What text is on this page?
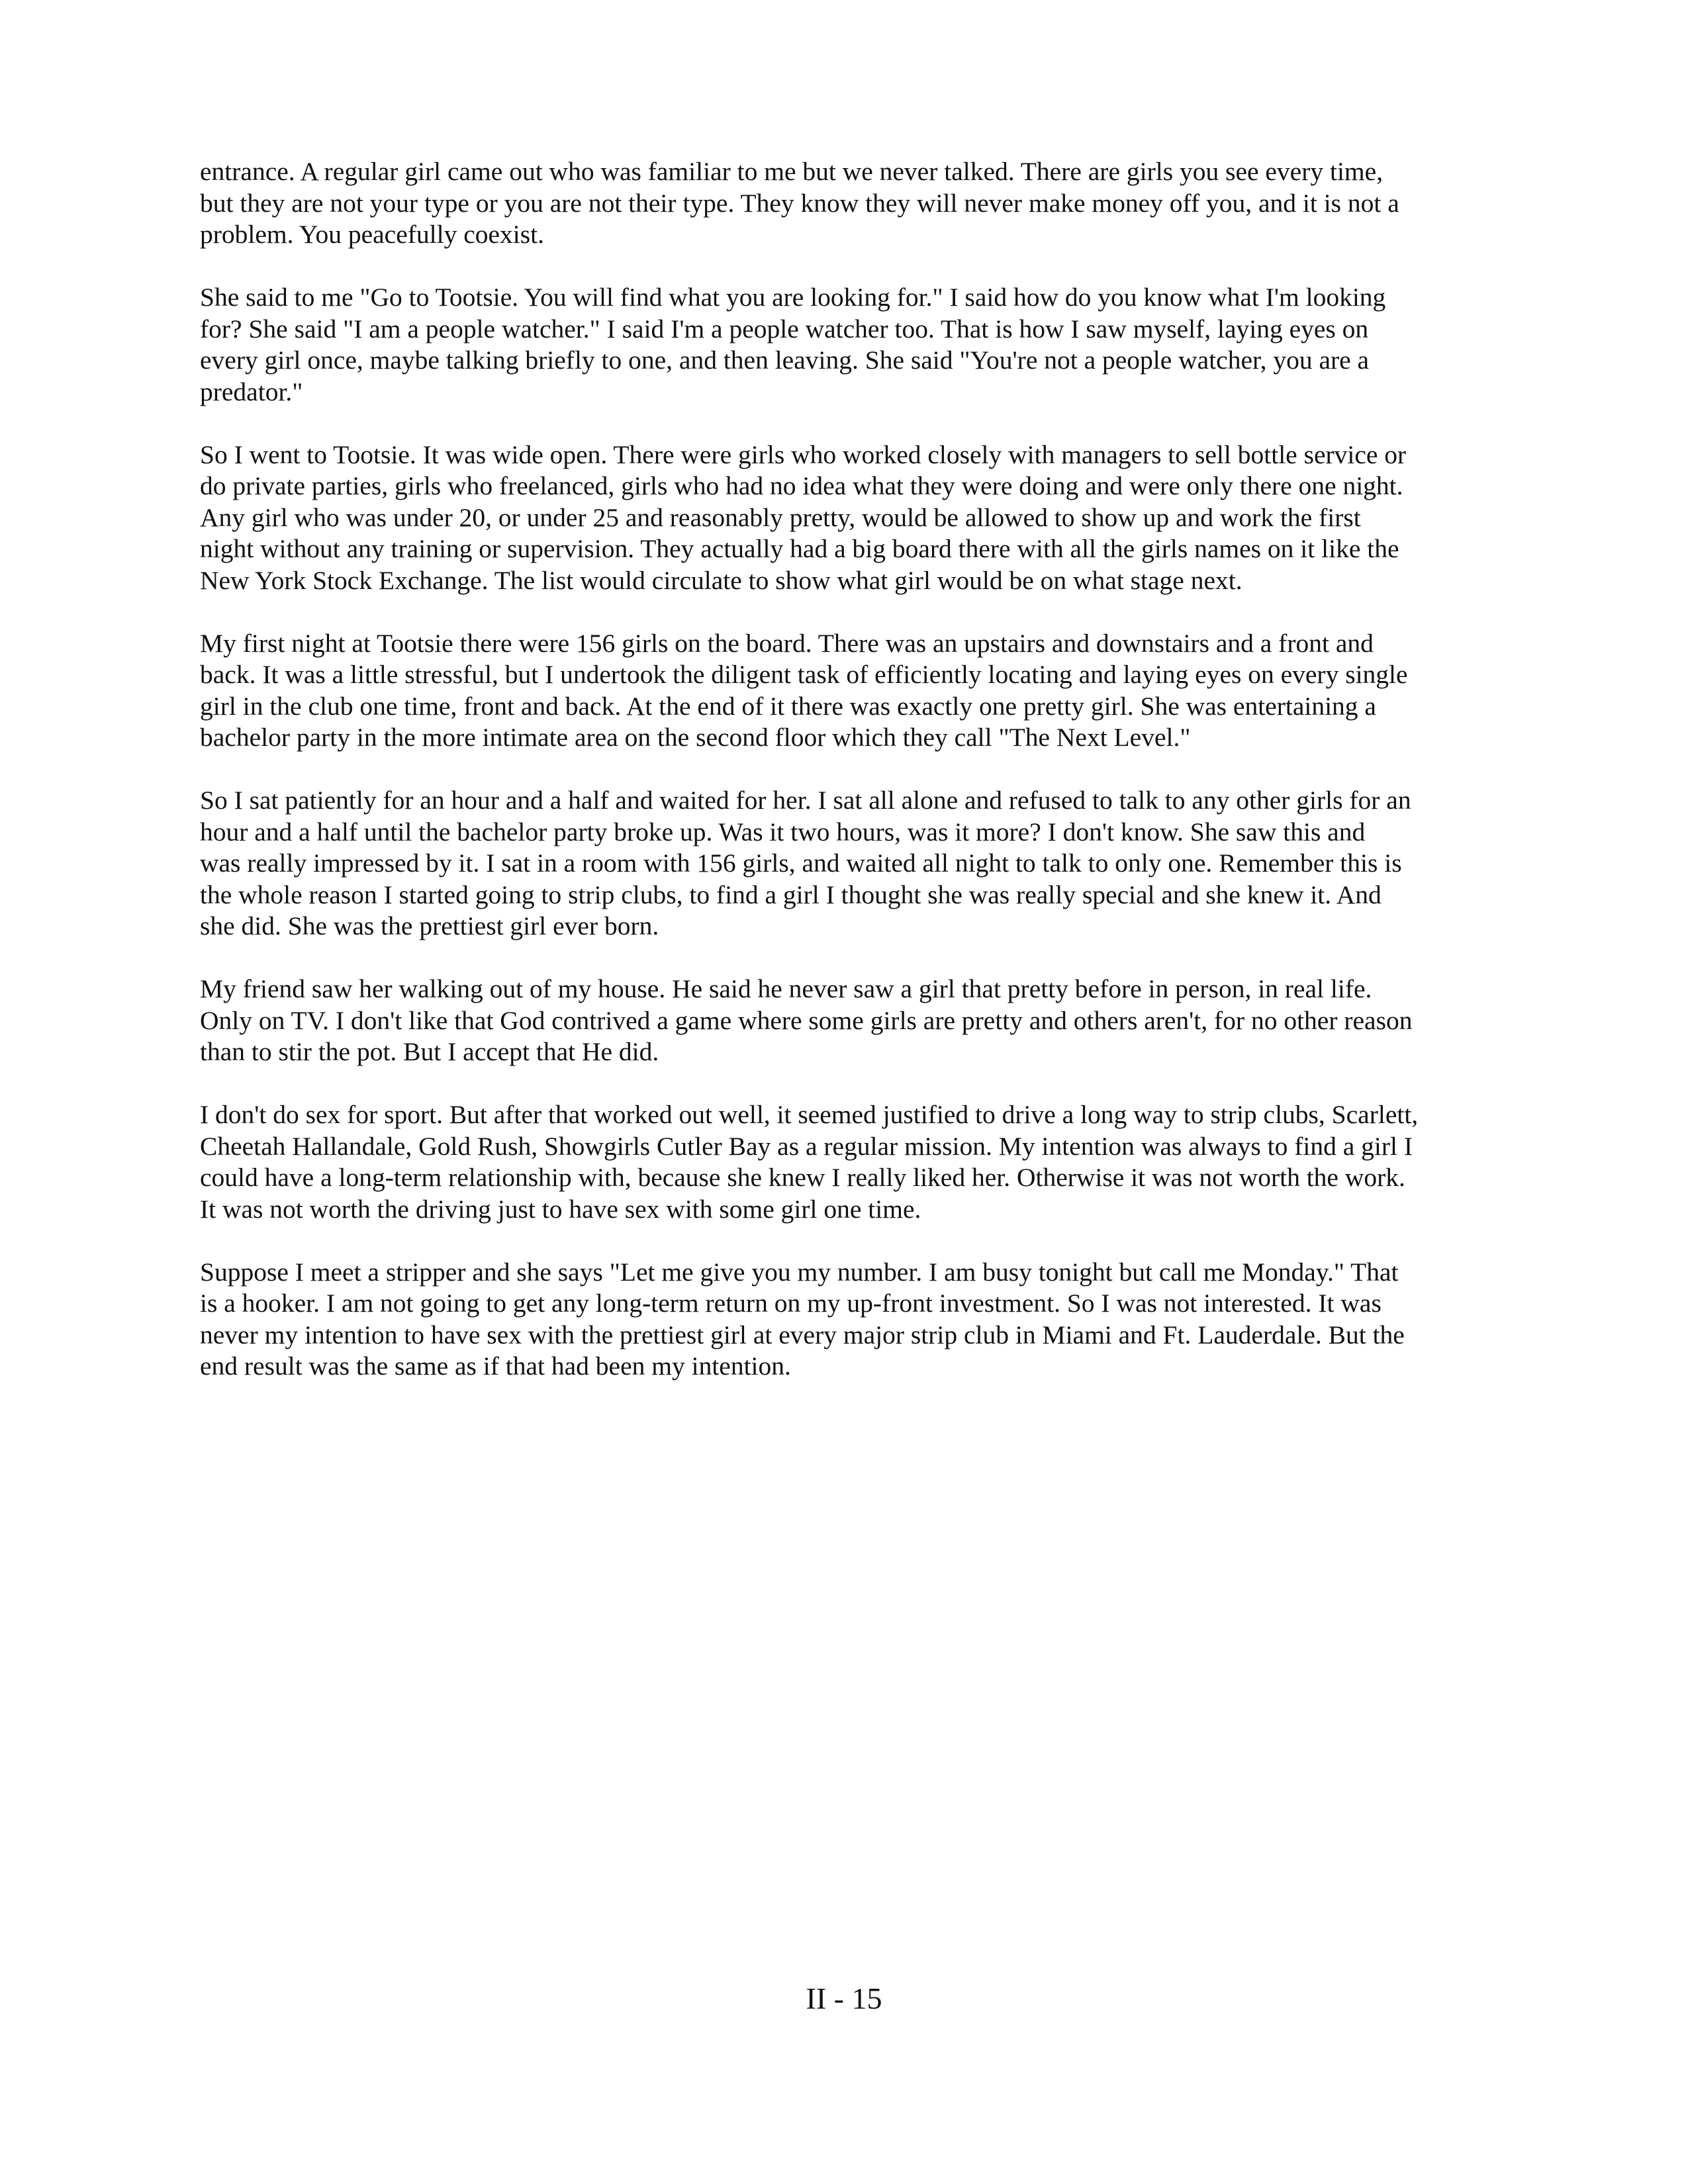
entrance. A regular girl came out who was familiar to me but we never talked. There are girls you see every time,
but they are not your type or you are not their type. They know they will never make money off you, and it is not a
problem. You peacefully coexist.

She said to me "Go to Tootsie. You will find what you are looking for." I said how do you know what I'm looking
for? She said "I am a people watcher." I said I'm a people watcher too. That is how I saw myself, laying eyes on
every girl once, maybe talking briefly to one, and then leaving. She said "You're not a people watcher, you are a
predator."

So I went to Tootsie. It was wide open. There were girls who worked closely with managers to sell bottle service or
do private parties, girls who freelanced, girls who had no idea what they were doing and were only there one night.
Any girl who was under 20, or under 25 and reasonably pretty, would be allowed to show up and work the first
night without any training or supervision. They actually had a big board there with all the girls names on it like the
New York Stock Exchange. The list would circulate to show what girl would be on what stage next.

My first night at Tootsie there were 156 girls on the board. There was an upstairs and downstairs and a front and
back. It was a little stressful, but I undertook the diligent task of efficiently locating and laying eyes on every single
girl in the club one time, front and back. At the end of it there was exactly one pretty girl. She was entertaining a
bachelor party in the more intimate area on the second floor which they call "The Next Level."

So I sat patiently for an hour and a half and waited for her. I sat all alone and refused to talk to any other girls for an
hour and a half until the bachelor party broke up. Was it two hours, was it more? I don't know. She saw this and
was really impressed by it. I sat in a room with 156 girls, and waited all night to talk to only one. Remember this is
the whole reason I started going to strip clubs, to find a girl I thought she was really special and she knew it. And
she did. She was the prettiest girl ever born.

My friend saw her walking out of my house. He said he never saw a girl that pretty before in person, in real life.
Only on TV. I don't like that God contrived a game where some girls are pretty and others aren't, for no other reason
than to stir the pot. But I accept that He did.

I don't do sex for sport. But after that worked out well, it seemed justified to drive a long way to strip clubs, Scarlett,
Cheetah Hallandale, Gold Rush, Showgirls Cutler Bay as a regular mission. My intention was always to find a girl I
could have a long-term relationship with, because she knew I really liked her. Otherwise it was not worth the work.
It was not worth the driving just to have sex with some girl one time.

Suppose I meet a stripper and she says "Let me give you my number. I am busy tonight but call me Monday." That
is a hooker. I am not going to get any long-term return on my up-front investment. So I was not interested. It was
never my intention to have sex with the prettiest girl at every major strip club in Miami and Ft. Lauderdale. But the
end result was the same as if that had been my intention.

II - 15
